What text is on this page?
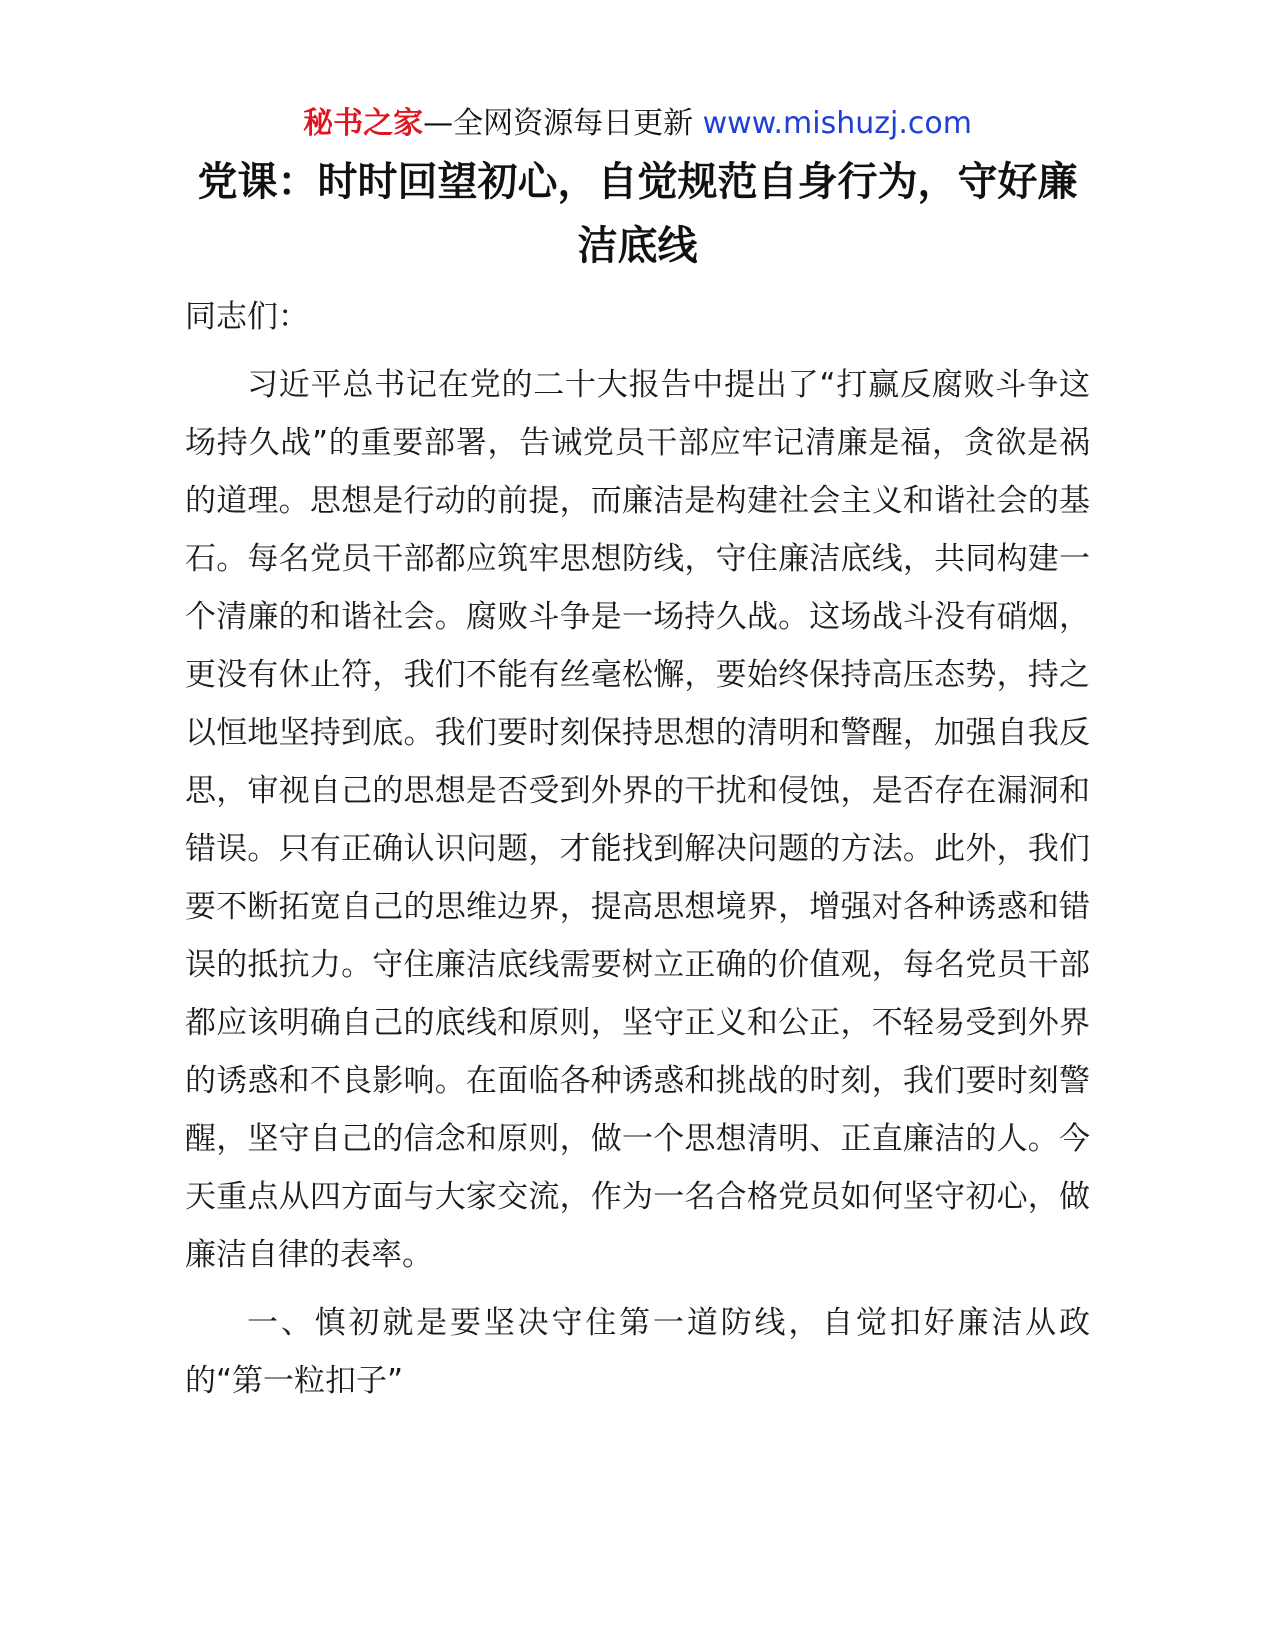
秘书之家—全网资源每日更新 www.mishuzj.com
党课：时时回望初心，自觉规范自身行为，守好廉洁底线

同志们：

习近平总书记在党的二十大报告中提出了“打赢反腐败斗争这场持久战”的重要部署，告诫党员干部应牢记清廉是福，贪欲是祸的道理。思想是行动的前提，而廉洁是构建社会主义和谐社会的基石。每名党员干部都应筑牢思想防线，守住廉洁底线，共同构建一个清廉的和谐社会。腐败斗争是一场持久战。这场战斗没有硝烟，更没有休止符，我们不能有丝毫松懈，要始终保持高压态势，持之以恒地坚持到底。我们要时刻保持思想的清明和警醒，加强自我反思，审视自己的思想是否受到外界的干扰和侵蚀，是否存在漏洞和错误。只有正确认识问题，才能找到解决问题的方法。此外，我们要不断拓宽自己的思维边界，提高思想境界，增强对各种诱惑和错误的抵抗力。守住廉洁底线需要树立正确的价值观，每名党员干部都应该明确自己的底线和原则，坚守正义和公正，不轻易受到外界的诱惑和不良影响。在面临各种诱惑和挑战的时刻，我们要时刻警醒，坚守自己的信念和原则，做一个思想清明、正直廉洁的人。今天重点从四方面与大家交流，作为一名合格党员如何坚守初心，做廉洁自律的表率。

一、慎初就是要坚决守住第一道防线，自觉扣好廉洁从政的“第一粒扣子”
